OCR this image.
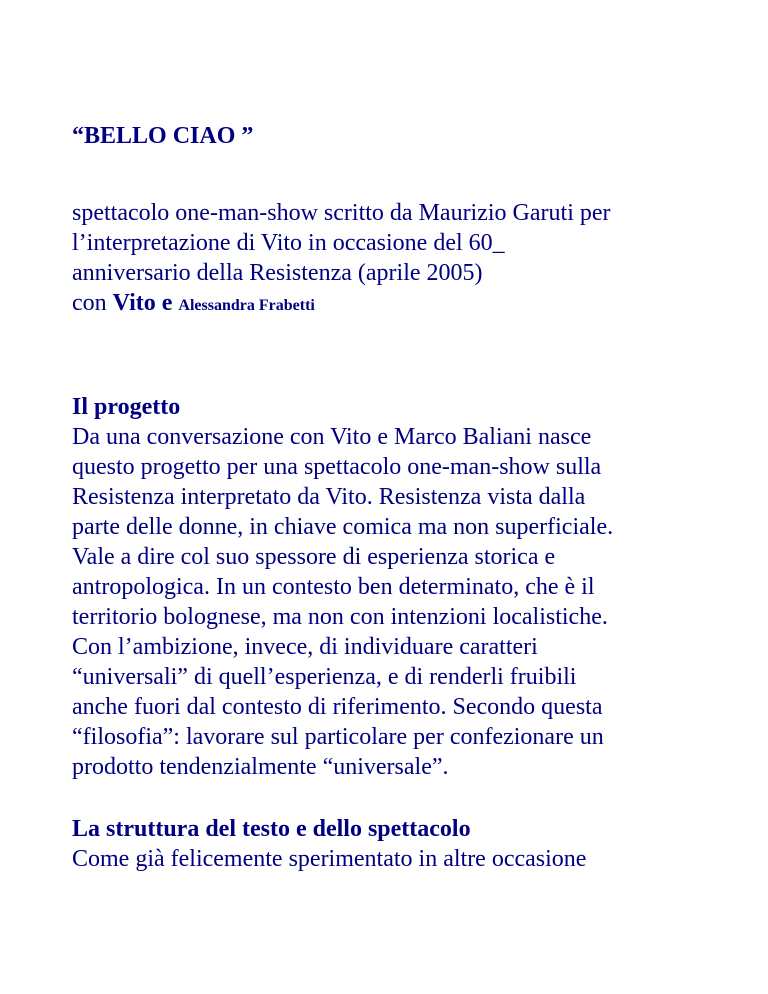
“BELLO CIAO ”

spettacolo one-man-show scritto da Maurizio Garuti per
l’interpretazione di Vito in occasione del 60_
anniversario della Resistenza (aprile 2005)
con Vito e Alessandra Frabetti
Il progetto
Da una conversazione con Vito e Marco Baliani nasce
questo progetto per una spettacolo one-man-show sulla
Resistenza interpretato da Vito. Resistenza vista dalla
parte delle donne, in chiave comica ma non superficiale.
Vale a dire col suo spessore di esperienza storica e
antropologica. In un contesto ben determinato, che è il
territorio bolognese, ma non con intenzioni localistiche.
Con l’ambizione, invece, di individuare caratteri
“universali” di quell’esperienza, e di renderli fruibili
anche fuori dal contesto di riferimento. Secondo questa
“filosofia”: lavorare sul particolare per confezionare un
prodotto tendenzialmente “universale”.
La struttura del testo e dello spettacolo
Come già felicemente sperimentato in altre occasione
